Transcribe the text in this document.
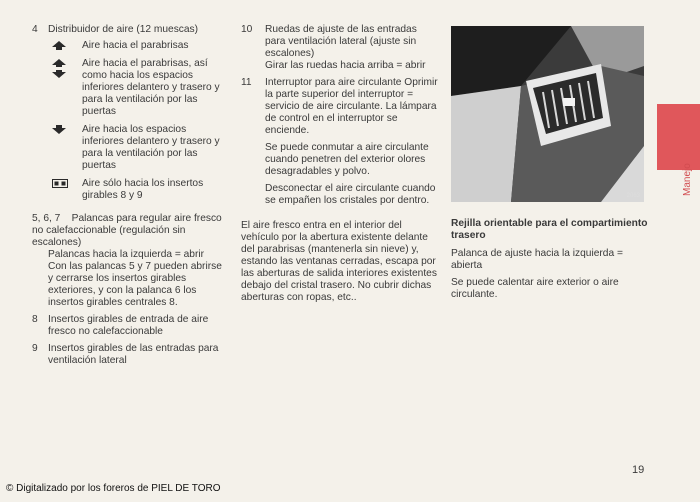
4	Distribuidor de aire (12 muescas)
Aire hacia el parabrisas
Aire hacia el parabrisas, así como hacia los espacios inferiores delantero y trasero y para la ventilación por las puertas
Aire hacia los espacios inferiores delantero y trasero y para la ventilación por las puertas
Aire sólo hacia los insertos girables 8 y 9
5, 6, 7 Palancas para regular aire fresco no calefaccionable (regulación sin escalones)
Palancas hacia la izquierda = abrir
Con las palancas 5 y 7 pueden abrirse y cerrarse los insertos girables exteriores, y con la palanca 6 los insertos girables centrales 8.
8	Insertos girables de entrada de aire fresco no calefaccionable
9	Insertos girables de las entradas para ventilación lateral
10	Ruedas de ajuste de las entradas para ventilación lateral (ajuste sin escalones)
Girar las ruedas hacia arriba = abrir
11	Interruptor para aire circulante Oprimir la parte superior del interruptor = servicio de aire circulante. La lámpara de control en el interruptor se enciende.
Se puede conmutar a aire circulante cuando penetren del exterior olores desagradables y polvo.
Desconectar el aire circulante cuando se empañen los cristales por dentro.
El aire fresco entra en el interior del vehículo por la abertura existente delante del parabrisas (mantenerla sin nieve) y, estando las ventanas cerradas, escapa por las aberturas de salida interiores existentes debajo del cristal trasero. No cubrir dichas aberturas con ropas, etc..
2063
Rejilla orientable para el compartimiento trasero
Palanca de ajuste hacia la izquierda = abierta
Se puede calentar aire exterior o aire circulante.
Manejo
19
© Digitalizado por los foreros de PIEL DE TORO
